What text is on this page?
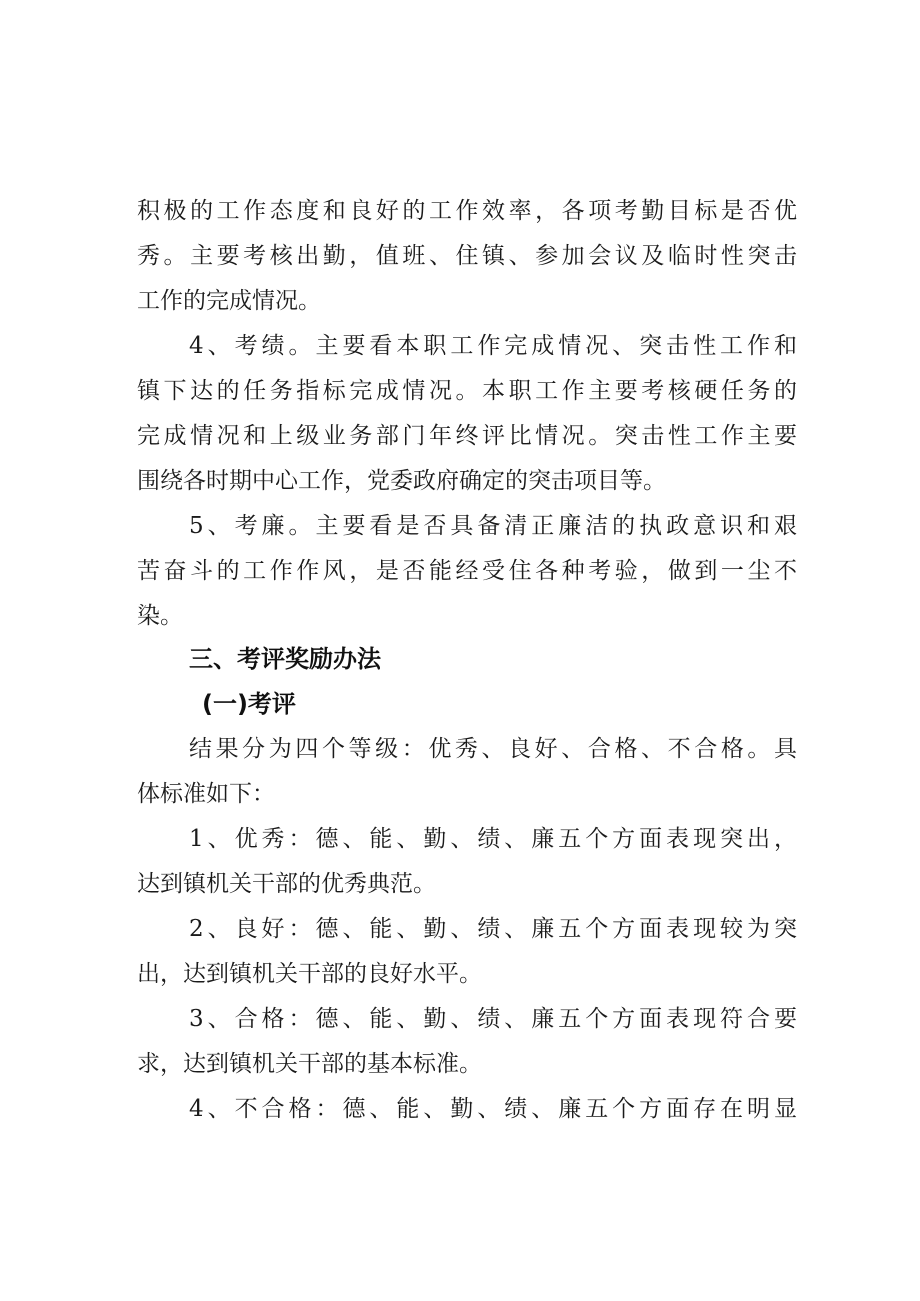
积极的工作态度和良好的工作效率，各项考勤目标是否优
秀。主要考核出勤，值班、住镇、参加会议及临时性突击
工作的完成情况。
4、考绩。主要看本职工作完成情况、突击性工作和
镇下达的任务指标完成情况。本职工作主要考核硬任务的
完成情况和上级业务部门年终评比情况。突击性工作主要
围绕各时期中心工作，党委政府确定的突击项目等。
5、考廉。主要看是否具备清正廉洁的执政意识和艰
苦奋斗的工作作风，是否能经受住各种考验，做到一尘不
染。
三、考评奖励办法
(一)考评
结果分为四个等级：优秀、良好、合格、不合格。具
体标准如下：
1、优秀：德、能、勤、绩、廉五个方面表现突出，
达到镇机关干部的优秀典范。
2、良好：德、能、勤、绩、廉五个方面表现较为突
出，达到镇机关干部的良好水平。
3、合格：德、能、勤、绩、廉五个方面表现符合要
求，达到镇机关干部的基本标准。
4、不合格：德、能、勤、绩、廉五个方面存在明显
